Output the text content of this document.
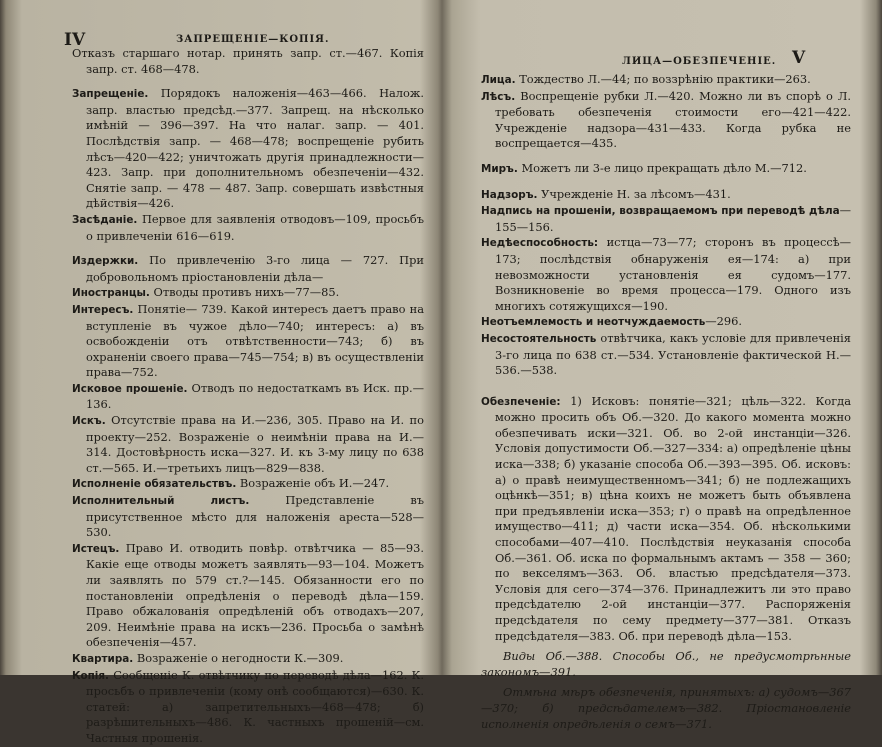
IV	ЗАПРЕЩЕНІЕ—КОПІЯ.

Отказъ старшаго нотар. принять запр. ст.—467. Копія запр. ст. 468—478.

Запрещеніе. Порядокъ наложенія—463—466. Налож. запр. властью предсѣд.—377. Запрещ. на нѣсколько имѣній — 396—397. На что налаг. запр. — 401. Послѣдствія запр. — 468—478; воспрещеніе рубить лѣсъ—420—422; уничтожать другія принадлежности—423. Запр. при дополнительномъ обезпеченіи—432. Снятіе запр. — 478 — 487. Запр. совершать извѣстныя дѣйствія—426.

Засѣданіе. Первое для заявленія отводовъ—109, просьбъ о привлеченіи 616—619.

Издержки. По привлеченію 3-го лица — 727. При добровольномъ пріостановленіи дѣла—

Иностранцы. Отводы противъ нихъ—77—85.

Интересъ. Понятіе— 739. Какой интересъ даетъ право на вступленіе въ чужое дѣло—740; интересъ: а) въ освобожденіи отъ отвѣтственности—743; б) въ охраненіи своего права—745—754; в) въ осуществленіи права—752.

Исковое прошеніе. Отводъ по недостаткамъ въ Иск. пр.—136.

Искъ. Отсутствіе права на И.—236, 305. Право на И. по проекту—252. Возраженіе о неимѣніи права на И.—314. Достовѣрность иска—327. И. къ 3-му лицу по 638 ст.—565. И.—третьихъ лицъ—829—838.

Исполненіе обязательствъ. Возраженіе объ И.—247.

Исполнительный листъ.	Представленіе въ присутственное мѣсто для наложенія ареста—528—530.

Истецъ. Право И. отводить повѣр. отвѣтчика — 85—93. Какіе еще отводы можетъ заявлять—93—104. Можетъ ли заявлять по 579 ст.?—145. Обязанности его по постановленіи опредѣленія о переводѣ дѣла—159. Право обжалованія опредѣленій объ отводахъ—207, 209. Неимѣніе права на искъ—236. Просьба о замѣнѣ обезпеченія—457.

Квартира. Возраженіе о негодности К.—309.

Копія. Сообщеніе К. отвѣтчику по переводѣ дѣла—162. К. просьбъ о привлеченіи (кому онѣ сообщаются)—630. К. статей: а) запретительныхъ—468—478; б) разрѣшительныхъ—486. К. частныхъ прошеній—см. Частныя прошенія.

ЛИЦА—ОБЕЗПЕЧЕНІЕ. V

Лица. Тождество Л.—44; по воззрѣнію практики—263.

Лѣсъ. Воспрещеніе рубки Л.—420. Можно ли въ спорѣ о Л. требовать обезпеченія стоимости его—421—422. Учрежденіе надзора—431—433. Когда рубка не воспрещается—435.

Миръ. Можетъ ли 3-е лицо прекращать дѣло М.—712.

Надзоръ. Учрежденіе Н. за лѣсомъ—431.

Надпись на прошеніи, возвращаемомъ при переводѣ дѣла—155—156.

Недѣеспособность: истца—73—77; сторонъ въ процессѣ—173; послѣдствія обнаруженія ея—174: а) при невозможности установленія ея судомъ—177. Возникновеніе во время процесса—179. Одного изъ многихъ сотяжущихся—190.

Неотъемлемость и неотчуждаемость—296.

Несостоятельность отвѣтчика, какъ условіе для привлеченія 3-го лица по 638 ст.—534. Установленіе фактической Н.—536.—538.

Обезпеченіе: 1) Исковъ: понятіе—321; цѣль—322. Когда можно просить объ Об.—320. До какого момента можно обезпечивать иски—321. Об. во 2-ой инстанціи—326. Условія допустимости Об.—327—334: а) опредѣленіе цѣны иска—338; б) указаніе способа Об.—393—395. Об. исковъ: а) о правѣ неимущественномъ—341; б) не подлежащихъ оцѣнкѣ—351; в) цѣна коихъ не можетъ быть объявлена при предъявленіи иска—353; г) о правѣ на опредѣленное имущество—411; д) части иска—354. Об. нѣсколькими способами—407—410. Послѣдствія неуказанія способа Об.—361. Об. иска по формальнымъ актамъ — 358 — 360; по векселямъ—363. Об. властью предсѣдателя—373. Условія для сего—374—376. Принадлежитъ ли это право предсѣдателю 2-ой инстанціи—377. Распоряженія предсѣдателя по сему предмету—377—381. Отказъ предсѣдателя—383. Об. при переводѣ дѣла—153.

Виды Об.—388. Способы Об., не предусмотрѣнные закономъ—391.

Отмѣна мѣръ обезпеченія, принятыхъ: а) судомъ—367—370; б) предсѣдателемъ—382. Пріостановленіе исполненія опредѣленія о семъ—371.
